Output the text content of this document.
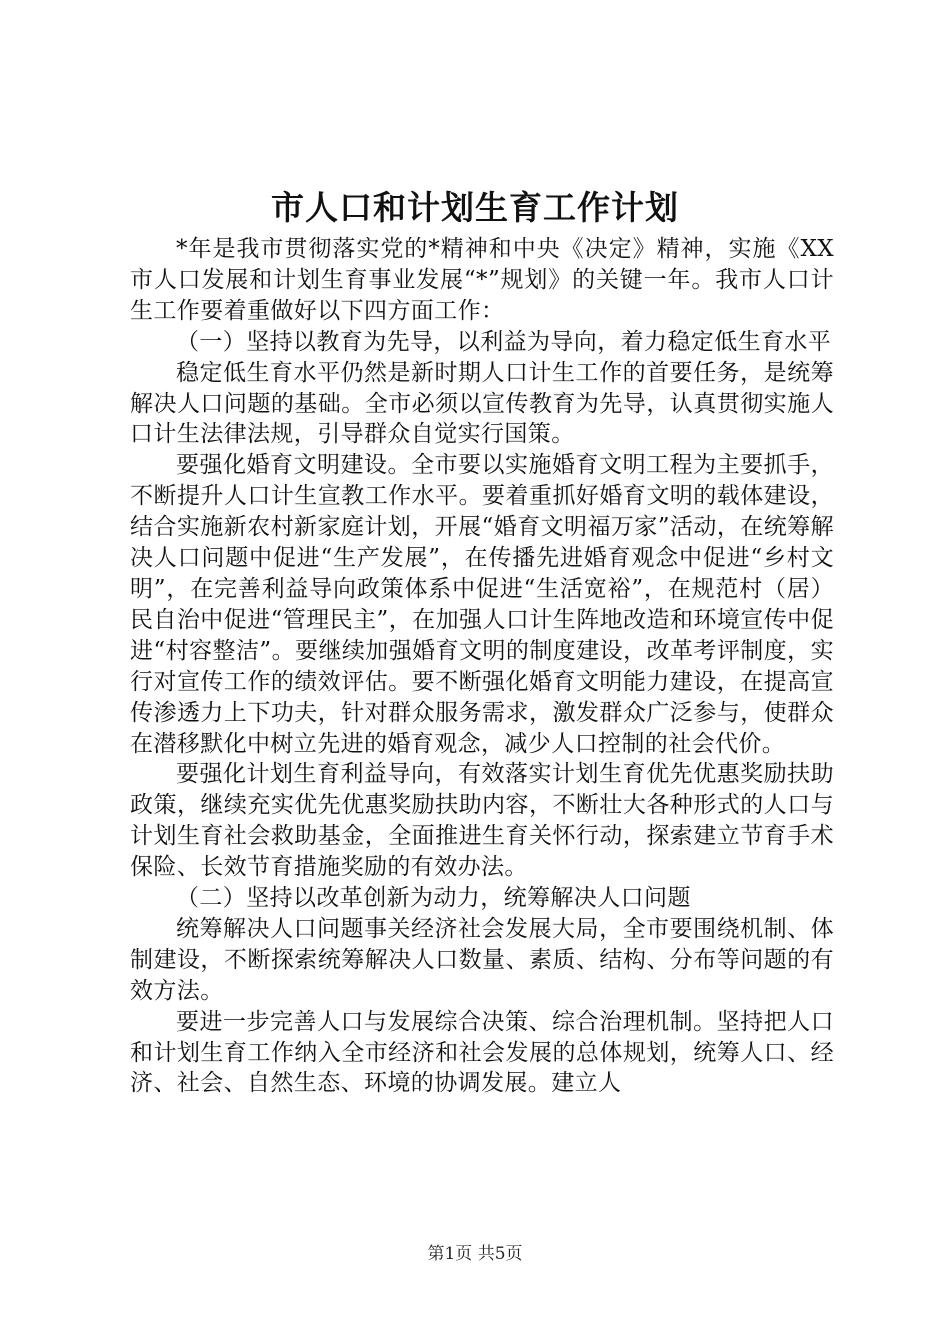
市人口和计划生育工作计划

*年是我市贯彻落实党的*精神和中央《决定》精神，实施《XX市人口发展和计划生育事业发展“*”规划》的关键一年。我市人口计生工作要着重做好以下四方面工作：

（一）坚持以教育为先导，以利益为导向，着力稳定低生育水平

稳定低生育水平仍然是新时期人口计生工作的首要任务，是统筹解决人口问题的基础。全市必须以宣传教育为先导，认真贯彻实施人口计生法律法规，引导群众自觉实行国策。

要强化婚育文明建设。全市要以实施婚育文明工程为主要抓手，不断提升人口计生宣教工作水平。要着重抓好婚育文明的载体建设，结合实施新农村新家庭计划，开展“婚育文明福万家”活动，在统筹解决人口问题中促进“生产发展”，在传播先进婚育观念中促进“乡村文明”，在完善利益导向政策体系中促进“生活宽裕”，在规范村（居）民自治中促进“管理民主”，在加强人口计生阵地改造和环境宣传中促进“村容整洁”。要继续加强婚育文明的制度建设，改革考评制度，实行对宣传工作的绩效评估。要不断强化婚育文明能力建设，在提高宣传渗透力上下功夫，针对群众服务需求，激发群众广泛参与，使群众在潜移默化中树立先进的婚育观念，减少人口控制的社会代价。

要强化计划生育利益导向，有效落实计划生育优先优惠奖励扶助政策，继续充实优先优惠奖励扶助内容，不断壮大各种形式的人口与计划生育社会救助基金，全面推进生育关怀行动，探索建立节育手术保险、长效节育措施奖励的有效办法。

（二）坚持以改革创新为动力，统筹解决人口问题

统筹解决人口问题事关经济社会发展大局，全市要围绕机制、体制建设，不断探索统筹解决人口数量、素质、结构、分布等问题的有效方法。

要进一步完善人口与发展综合决策、综合治理机制。坚持把人口和计划生育工作纳入全市经济和社会发展的总体规划，统筹人口、经济、社会、自然生态、环境的协调发展。建立人

第1页 共5页
